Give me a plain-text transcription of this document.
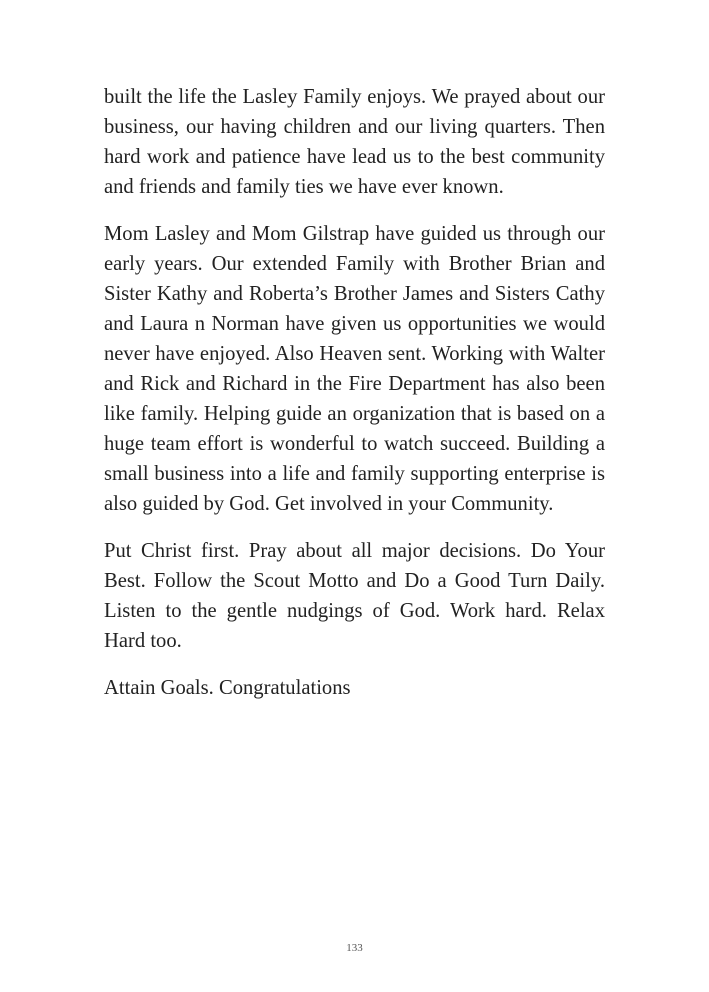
built the life the Lasley Family enjoys. We prayed about our business, our having children and our living quarters. Then hard work and patience have lead us to the best community and friends and family ties we have ever known.

Mom Lasley and Mom Gilstrap have guided us through our early years. Our extended Family with Brother Brian and Sister Kathy and Roberta’s Brother James and Sisters Cathy and Laura n Norman have given us opportunities we would never have enjoyed. Also Heaven sent. Working with Walter and Rick and Richard in the Fire Department has also been like family. Helping guide an organization that is based on a huge team effort is wonderful to watch succeed. Building a small business into a life and family supporting enterprise is also guided by God. Get involved in your Community.

Put Christ first. Pray about all major decisions. Do Your Best. Follow the Scout Motto and Do a Good Turn Daily. Listen to the gentle nudgings of God. Work hard. Relax Hard too.

Attain Goals. Congratulations

133
